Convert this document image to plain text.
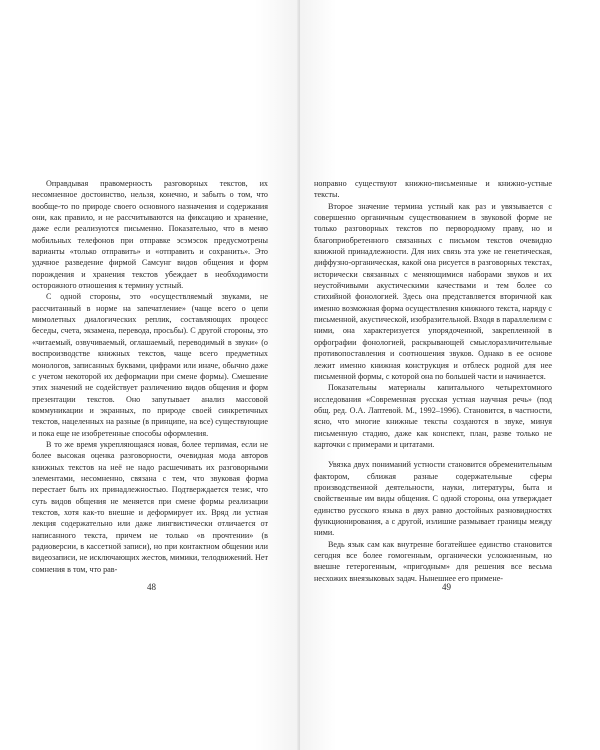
Оправдывая правомерность разговорных текстов, их несомненное достоинство, нельзя, конечно, и забыть о том, что вообще-то по природе своего основного назначения и содержания они, как правило, и не рассчитываются на фиксацию и хранение, даже если реализуются письменно. Показательно, что в меню мобильных телефонов при отправке эсэмэсок предусмотрены варианты «только отправить» и «отправить и сохранить». Это удачное разведение фирмой Самсунг видов общения и форм порождения и хранения текстов убеждает в необходимости осторожного отношения к термину устный.

С одной стороны, это «осуществляемый звуками, не рассчитанный в норме на запечатление» (чаще всего о цепи мимолетных диалогических реплик, составляющих процесс беседы, счета, экзамена, перевода, просьбы). С другой стороны, это «читаемый, озвучиваемый, оглашаемый, переводимый в звуки» (о воспроизводстве книжных текстов, чаще всего предметных монологов, записанных буквами, цифрами или иначе, обычно даже с учетом некоторой их деформации при смене формы). Смешение этих значений не содействует различению видов общения и форм презентации текстов. Оно запутывает анализ массовой коммуникации и экранных, по природе своей синкретичных текстов, нацеленных на разные (в принципе, на все) существующие и пока еще не изобретенные способы оформления.

В то же время укрепляющаяся новая, более терпимая, если не более высокая оценка разговорности, очевидная мода авторов книжных текстов на неё не надо расшечивать их разговорными элементами, несомненно, связана с тем, что звуковая форма перестает быть их принадлежностью. Подтверждается тезис, что суть видов общения не меняется при смене формы реализации текстов, хотя как-то внешне и деформирует их. Вряд ли устная лекция содержательно или даже лингвистически отличается от написанного текста, причем не только «в прочтении» (в радиоверсии, в кассетной записи), но при контактном общении или видеозаписи, не исключающих жестов, мимики, телодвижений. Нет сомнения в том, что рав-

48

ноправно существуют книжно-письменные и книжно-устные тексты.

Второе значение термина устный как раз и увязывается с совершенно органичным существованием в звуковой форме не только разговорных текстов по первородному праву, но и благоприобретенного связанных с письмом текстов очевидно книжной принадлежности. Для них связь эта уже не генетическая, диффузно-органическая, какой она рисуется в разговорных текстах, исторически связанных с меняющимися наборами звуков и их неустойчивыми акустическими качествами и тем более со стихийной фонологией. Здесь она представляется вторичной как именно возможная форма осуществления книжного текста, наряду с письменной, акустической, изобразительной. Входя в параллелизм с ними, она характеризуется упорядоченной, закрепленной в орфографии фонологией, раскрывающей смыслоразличительные противопоставления и соотношения звуков. Однако в ее основе лежит именно книжная конструкция и отблеск родной для нее письменной формы, с которой она по большей части и начинается.

Показательны материалы капитального четырехтомного исследования «Современная русская устная научная речь» (под общ. ред. О.А. Лаптевой. М., 1992–1996). Становится, в частности, ясно, что многие книжные тексты создаются в звуке, минуя письменную стадию, даже как конспект, план, разве только не карточки с примерами и цитатами.

Увязка двух пониманий устности становится обременительным фактором, сближая разные содержательные сферы производственной деятельности, науки, литературы, быта и свойственные им виды общения. С одной стороны, она утверждает единство русского языка в двух равно достойных разновидностях функционирования, а с другой, излишне размывает границы между ними.

Ведь язык сам как внутренне богатейшее единство становится сегодня все более гомогенным, органически усложненным, но внешне гетерогенным, «пригодным» для решения все весьма несхожих внеязыковых задач. Нынешнее его примене-

49
